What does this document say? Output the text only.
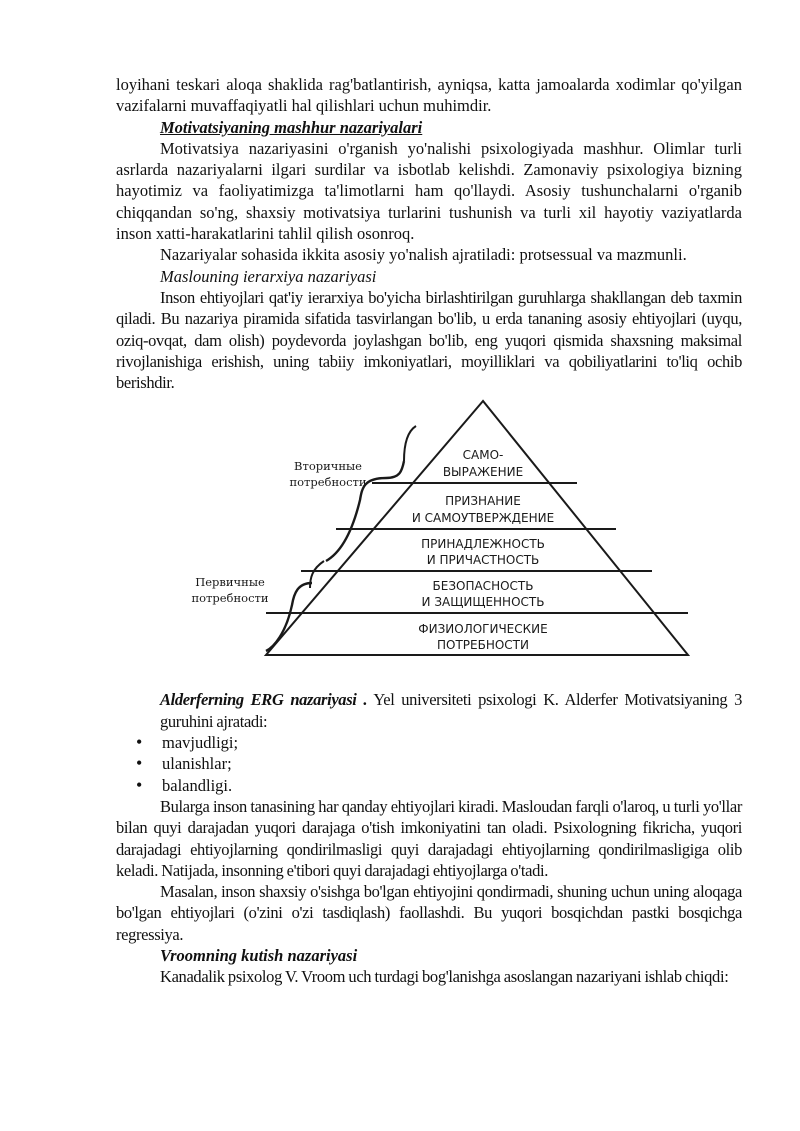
loyihani teskari aloqa shaklida rag'batlantirish, ayniqsa, katta jamoalarda xodimlar qo'yilgan vazifalarni muvaffaqiyatli hal qilishlari uchun muhimdir.

Motivatsiyaning mashhur nazariyalari

Motivatsiya nazariyasini o'rganish yo'nalishi psixologiyada mashhur. Olimlar turli asrlarda nazariyalarni ilgari surdilar va isbotlab kelishdi. Zamonaviy psixologiya bizning hayotimiz va faoliyatimizga ta'limotlarni ham qo'llaydi. Asosiy tushunchalarni o'rganib chiqqandan so'ng, shaxsiy motivatsiya turlarini tushunish va turli xil hayotiy vaziyatlarda inson xatti-harakatlarini tahlil qilish osonroq.

Nazariyalar sohasida ikkita asosiy yo'nalish ajratiladi: protsessual va mazmunli.

Maslouning ierarxiya nazariyasi

Inson ehtiyojlari qat'iy ierarxiya bo'yicha birlashtirilgan guruhlarga shakllangan deb taxmin qiladi. Bu nazariya piramida sifatida tasvirlangan bo'lib, u erda tananing asosiy ehtiyojlari (uyqu, oziq-ovqat, dam olish) poydevorda joylashgan bo'lib, eng yuqori qismida shaxsning maksimal rivojlanishiga erishish, uning tabiiy imkoniyatlari, moyilliklari va qobiliyatlarini to'liq ochib berishdir.

САМО-
ВЫРАЖЕНИЕ
ПРИЗНАНИЕ
И САМОУТВЕРЖДЕНИЕ
ПРИНАДЛЕЖНОСТЬ
И ПРИЧАСТНОСТЬ
БЕЗОПАСНОСТЬ
И ЗАЩИЩЕННОСТЬ
ФИЗИОЛОГИЧЕСКИЕ
ПОТРЕБНОСТИ
Вторичные
потребности
Первичные
потребности

Alderferning ERG nazariyasi . Yel universiteti psixologi K. Alderfer Motivatsiyaning 3 guruhini ajratadi:

• mavjudligi;
• ulanishlar;
• balandligi.

Bularga inson tanasining har qanday ehtiyojlari kiradi. Masloudan farqli o'laroq, u turli yo'llar bilan quyi darajadan yuqori darajaga o'tish imkoniyatini tan oladi. Psixologning fikricha, yuqori darajadagi ehtiyojlarning qondirilmasligi quyi darajadagi ehtiyojlarning qondirilmasligiga olib keladi. Natijada, insonning e'tibori quyi darajadagi ehtiyojlarga o'tadi.

Masalan, inson shaxsiy o'sishga bo'lgan ehtiyojini qondirmadi, shuning uchun uning aloqaga bo'lgan ehtiyojlari (o'zini o'zi tasdiqlash) faollashdi. Bu yuqori bosqichdan pastki bosqichga regressiya.

Vroomning kutish nazariyasi

Kanadalik psixolog V. Vroom uch turdagi bog'lanishga asoslangan nazariyani ishlab chiqdi:
